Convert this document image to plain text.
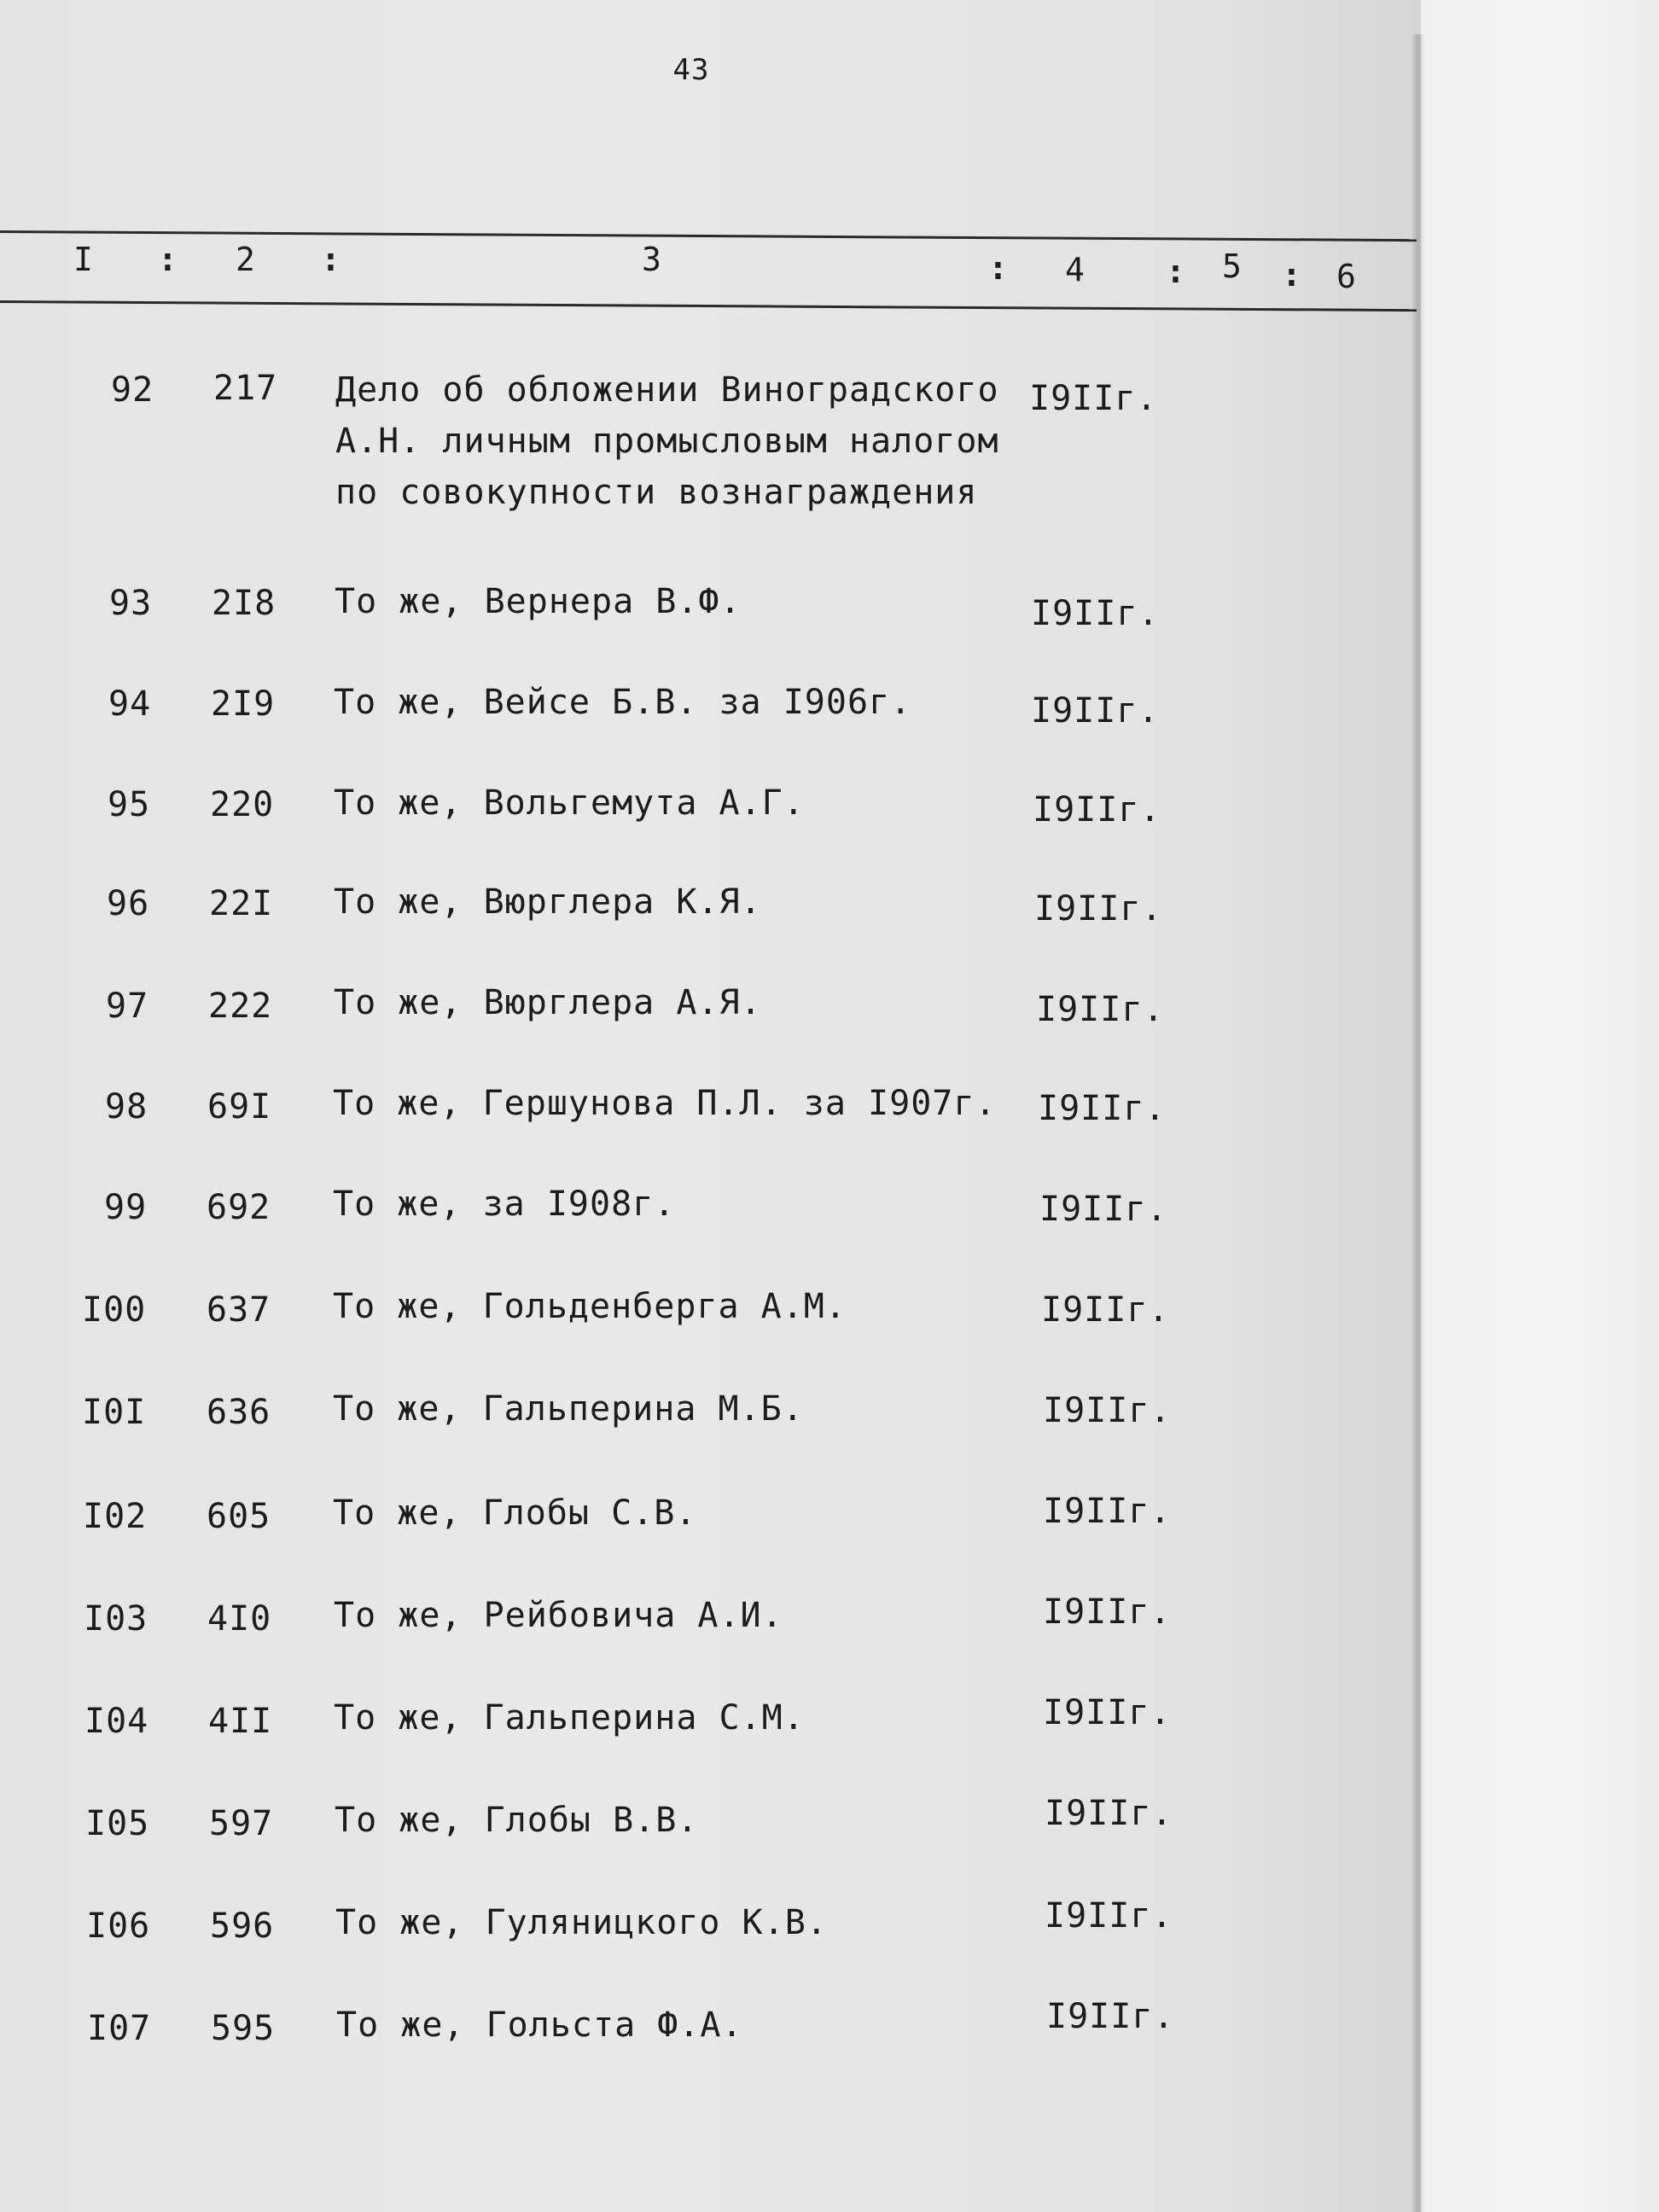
43
I : 2 :	3	: 4	: 5 : 6
92 217 Дело об обложении Виноградского
А.Н. личным промысловым налогом
по совокупности вознаграждения
I9IIг.
93 2I8 То же, Вернера В.Ф.	I9IIг.
94 2I9 То же, Вейсе Б.В. за I906г.	I9IIг.
95 220 То же, Вольгемута А.Г.	I9IIг.
96 22I То же, Вюрглера К.Я.	I9IIг.
97 222 То же, Вюрглера А.Я.	I9IIг.
98 69I То же, Гершунова П.Л. за I907г. I9IIг.
99 692 То же, за I908г.	I9IIг.
I00 637 То же, Гольденберга А.М.	I9IIг.
I0I 636 То же, Гальперина М.Б.	I9IIг.
I02 605 То же, Глобы С.В.	I9IIг.
I03 4I0 То же, Рейбовича А.И.	I9IIг.
I04 4II То же, Гальперина С.М.	I9IIг.
I05 597 То же, Глобы В.В.	I9IIг.
I06 596 То же, Гуляницкого К.В.	I9IIг.
I07 595 То же, Гольста Ф.А.	I9IIг.
